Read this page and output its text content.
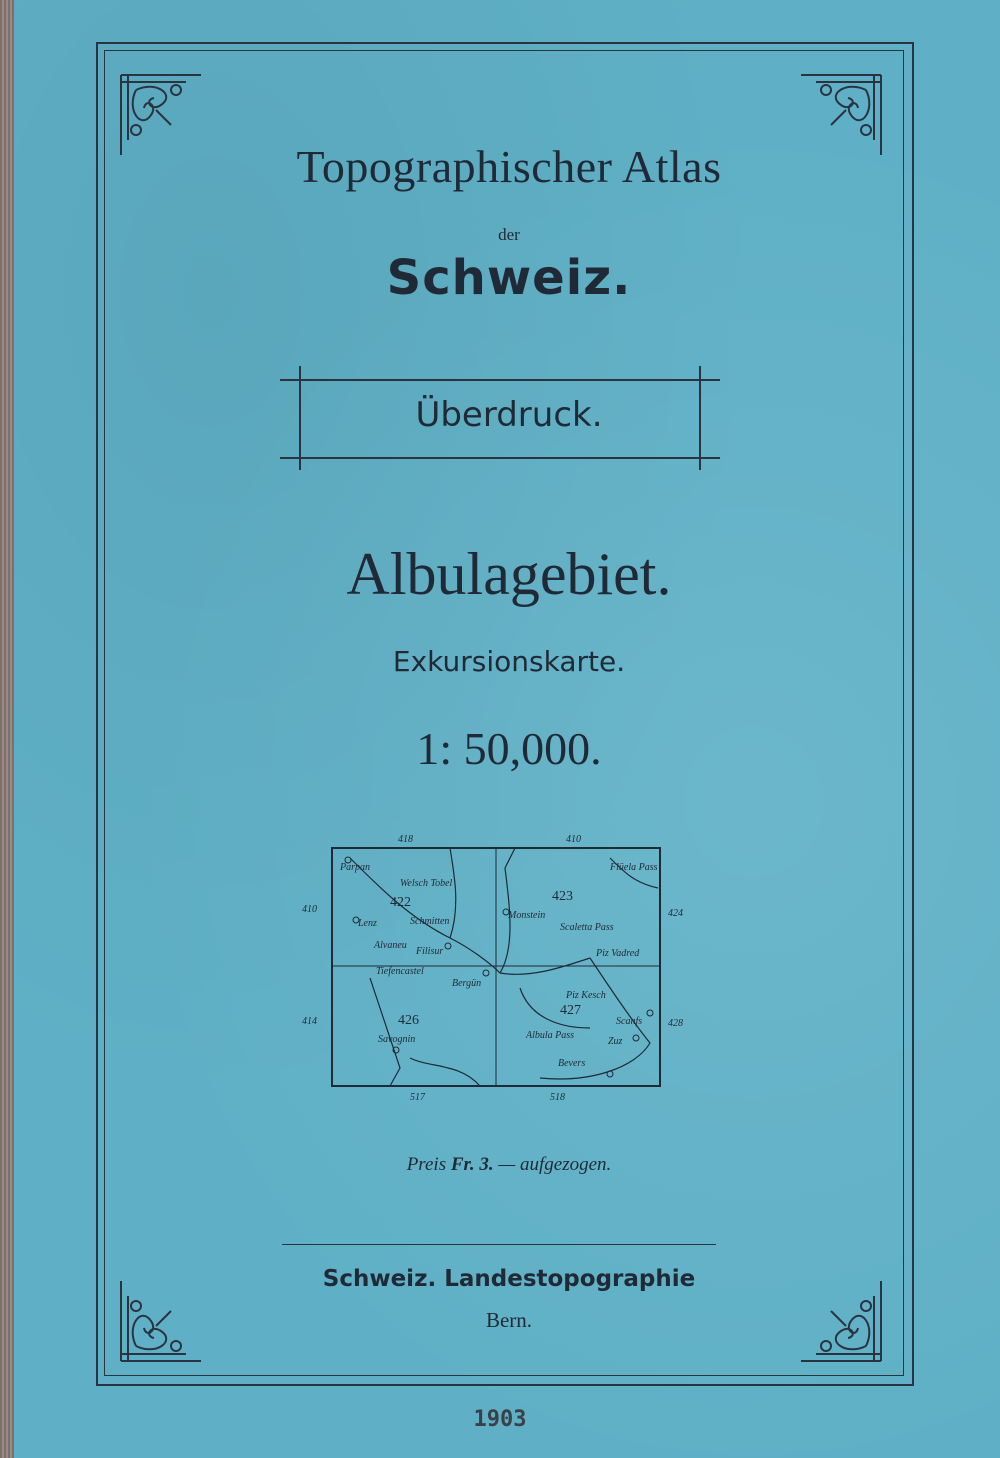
Topographischer Atlas
der
Schweiz.
Überdruck.
Albulagebiet.
Exkursionskarte.
1: 50,000.
422	423
426
427
418	410
410
414
424
428
517	518
Parpan
Welsch Tobel
Lenz	Schmitten
Alvaneu
Filisur
Tiefencastel
Bergün
Monstein
Scaletta Pass
Flüela Pass
Piz Vadred
Piz Kesch
Albula Pass
Scanfs
Zuz
Bevers
Savognin
Preis Fr. 3. — aufgezogen.
Schweiz. Landestopographie
Bern.
1903
